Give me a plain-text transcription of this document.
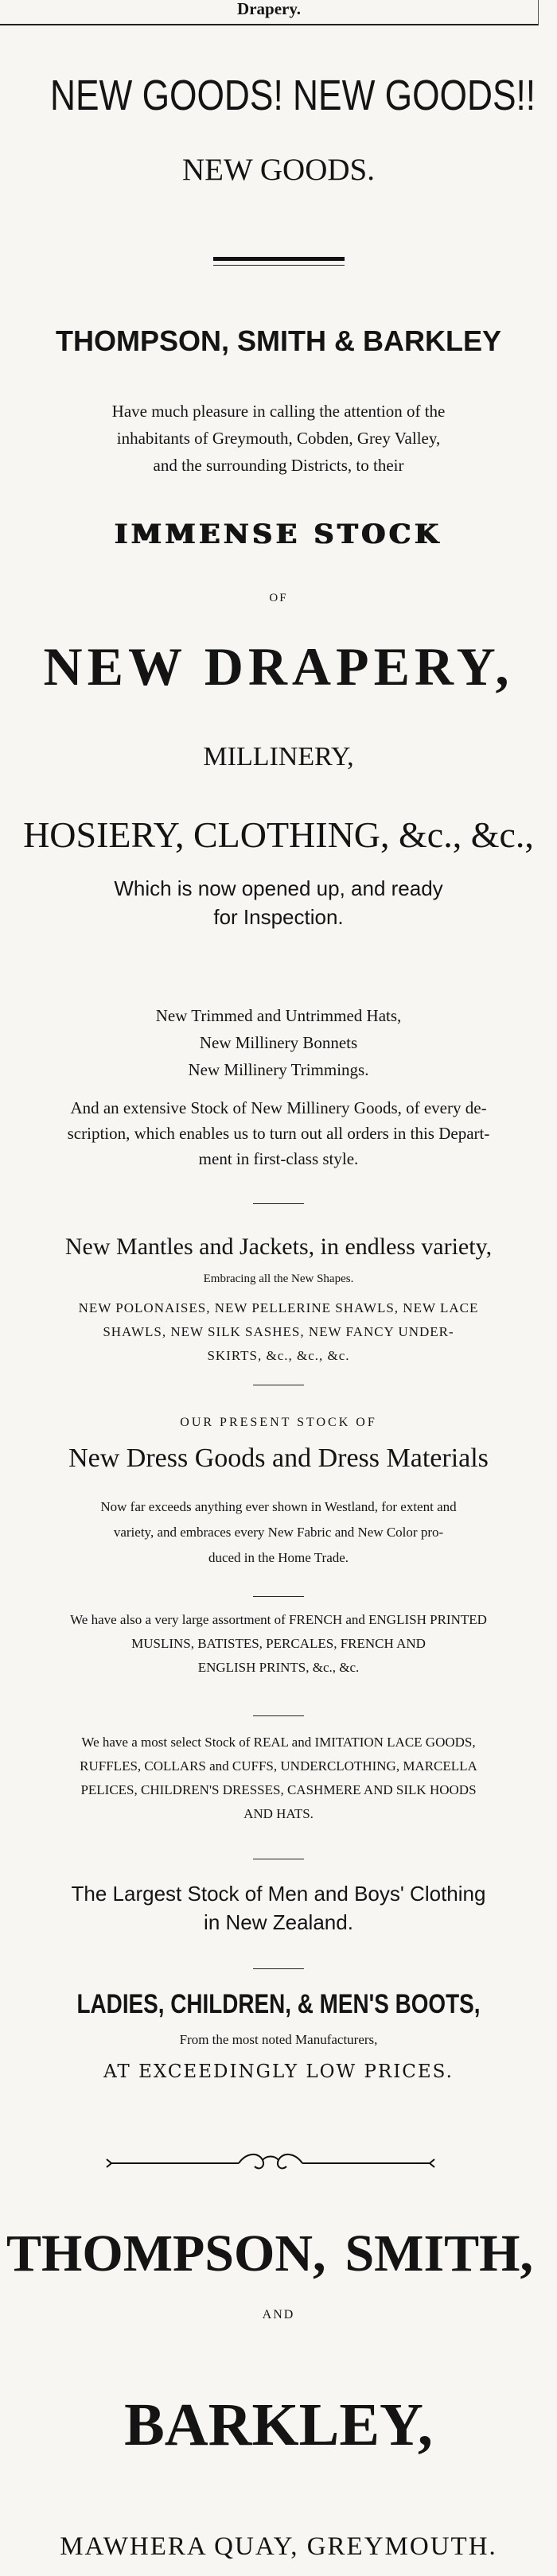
Drapery.
NEW GOODS! NEW GOODS!!
NEW GOODS.
THOMPSON, SMITH & BARKLEY
Have much pleasure in calling the attention of the
inhabitants of Greymouth, Cobden, Grey Valley,
and the surrounding Districts, to their
IMMENSE STOCK
OF
NEW DRAPERY,
MILLINERY,
HOSIERY, CLOTHING, &c., &c.,
Which is now opened up, and ready
for Inspection.
New Trimmed and Untrimmed Hats,
New Millinery Bonnets
New Millinery Trimmings.
And an extensive Stock of New Millinery Goods, of every de-
scription, which enables us to turn out all orders in this Depart-
ment in first-class style.
New Mantles and Jackets, in endless variety,
Embracing all the New Shapes.
NEW POLONAISES, NEW PELLERINE SHAWLS, NEW LACE
SHAWLS, NEW SILK SASHES, NEW FANCY UNDER-
SKIRTS, &c., &c., &c.
OUR PRESENT STOCK OF
New Dress Goods and Dress Materials
Now far exceeds anything ever shown in Westland, for extent and
variety, and embraces every New Fabric and New Color pro-
duced in the Home Trade.
We have also a very large assortment of FRENCH and ENGLISH PRINTED
MUSLINS, BATISTES, PERCALES, FRENCH AND
ENGLISH PRINTS, &c., &c.
We have a most select Stock of REAL and IMITATION LACE GOODS,
RUFFLES, COLLARS and CUFFS, UNDERCLOTHING, MARCELLA
PELICES, CHILDREN'S DRESSES, CASHMERE AND SILK HOODS
AND HATS.
The Largest Stock of Men and Boys' Clothing
in New Zealand.
LADIES, CHILDREN, & MEN'S BOOTS,
From the most noted Manufacturers,
AT EXCEEDINGLY LOW PRICES.
THOMPSON, SMITH,
AND
BARKLEY,
MAWHERA QUAY, GREYMOUTH.
